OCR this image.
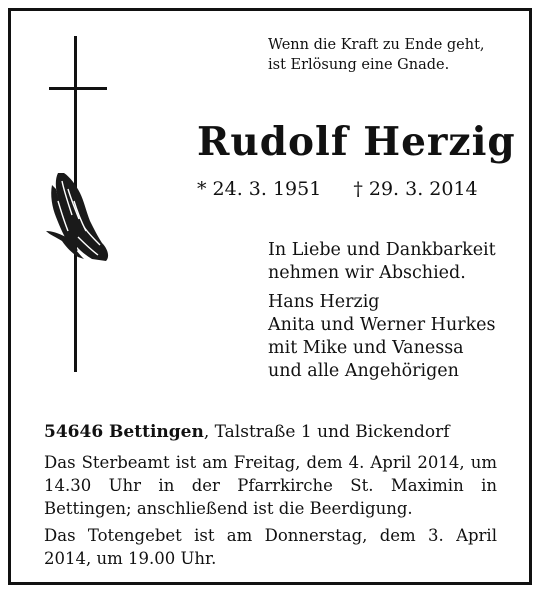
Wenn die Kraft zu Ende geht,
ist Erlösung eine Gnade.
Rudolf Herzig
* 24. 3. 1951 † 29. 3. 2014
In Liebe und Dankbarkeit
nehmen wir Abschied.
Hans Herzig
Anita und Werner Hurkes
mit Mike und Vanessa
und alle Angehörigen
54646 Bettingen, Talstraße 1 und Bickendorf
Das Sterbeamt ist am Freitag, dem 4. April 2014, um 14.30 Uhr in der Pfarrkirche St. Maximin in Bettingen; anschließend ist die Beerdigung.
Das Totengebet ist am Donnerstag, dem 3. April 2014, um 19.00 Uhr.
